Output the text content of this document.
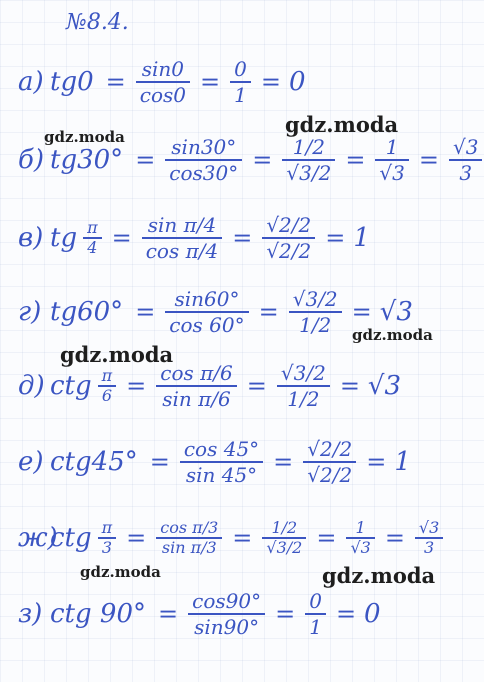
№8.4.
а) $tg0 = \frac{\sin 0}{\cos 0} = \frac{0}{1} = 0$
б) $tg30^\circ = \frac{\sin 30^\circ}{\cos 30^\circ} = \frac{1/2}{√3/2} = \frac{1}{√3} = \frac{√3}{3}$
в) tg $\frac{\pi}{4} = \frac{\text{sin π/4}}{\text{cos π/4}} = \frac{√2/2}{√2/2} = 1$
г) $tg60^\circ = \frac{\sin 60^\circ}{\cos 60^\circ} = \frac{√3/2}{1/2} = √3$
д) ctg $\frac{\pi}{6} = \frac{\text{cos π/6}}{\text{sin π/6}} = \frac{√3/2}{1/2} = √3$
е) $ctg45^\circ = \frac{\cos 45^\circ}{\sin 45^\circ} = \frac{√2/2}{√2/2} = 1$
ж)
ctg $\frac{\pi}{3} = \frac{\text{cos π/3}}{\text{sin π/3}} = \frac{1/2}{√3/2} = \frac{1}{√3} = \frac{√3}{3}$
з) ctg $90^\circ = \frac{\cos 90^\circ}{\sin 90^\circ} = \frac{0}{1} = 0$
gdz.moda
gdz.moda
gdz.moda
gdz.moda
gdz.moda	gdz.moda
